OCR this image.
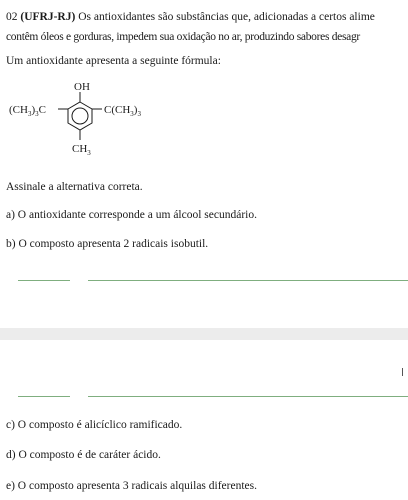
02 (UFRJ-RJ) Os antioxidantes são substâncias que, adicionadas a certos alime
contêm óleos e gorduras, impedem sua oxidação no ar, produzindo sabores desagr
Um antioxidante apresenta a seguinte fórmula:
OH
$(CH_3)_3C$	$C(CH_3)_3$
$CH_3$
Assinale a alternativa correta.
a) O antioxidante corresponde a um álcool secundário.
b) O composto apresenta 2 radicais isobutil.
c) O composto é alicíclico ramificado.
d) O composto é de caráter ácido.
e) O composto apresenta 3 radicais alquilas diferentes.
